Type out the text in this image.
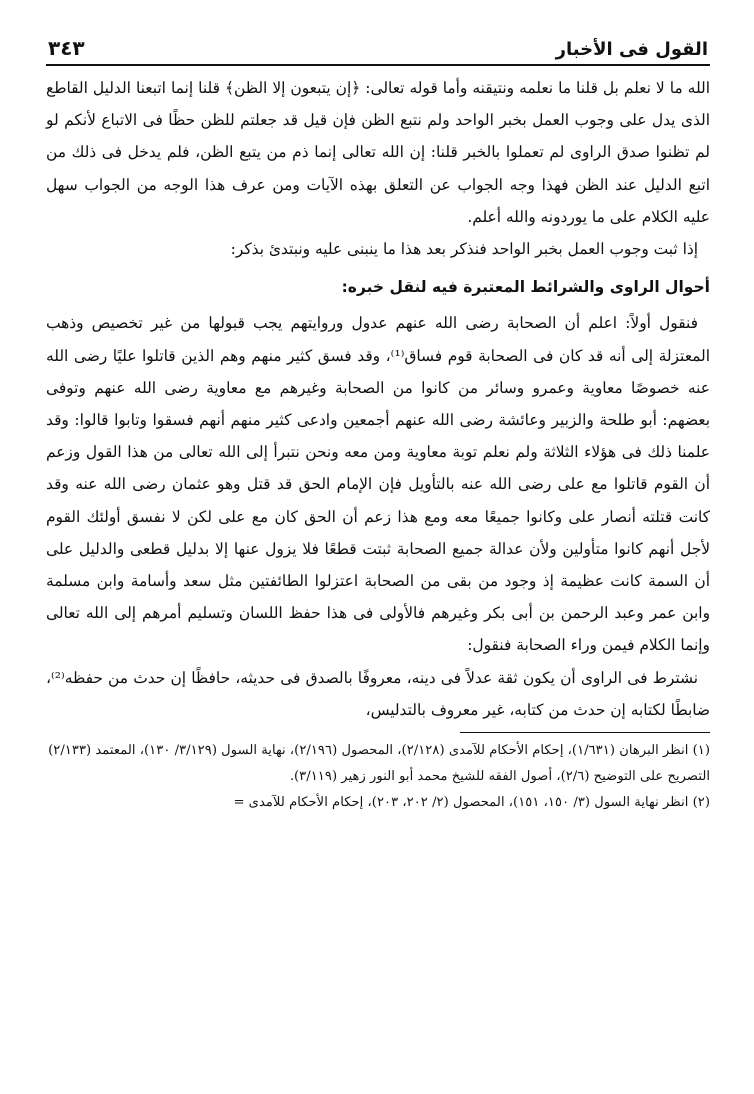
القول فى الأخبار
٣٤٣

الله ما لا نعلم بل قلنا ما نعلمه ونتيقنه وأما قوله تعالى: ﴿إن يتبعون إلا الظن﴾ قلنا إنما اتبعنا الدليل القاطع الذى يدل على وجوب العمل بخبر الواحد ولم نتبع الظن فإن قيل قد جعلتم للظن حظًا فى الاتباع لأنكم لو لم تظنوا صدق الراوى لم تعملوا بالخبر قلنا: إن الله تعالى إنما ذم من يتبع الظن، فلم يدخل فى ذلك من اتبع الدليل عند الظن فهذا وجه الجواب عن التعلق بهذه الآيات ومن عرف هذا الوجه من الجواب سهل عليه الكلام على ما يوردونه والله أعلم.

إذا ثبت وجوب العمل بخبر الواحد فنذكر بعد هذا ما ينبنى عليه ونبتدئ بذكر:

أحوال الراوى والشرائط المعتبرة فيه لنقل خبره:

فنقول أولاً: اعلم أن الصحابة رضى الله عنهم عدول وروايتهم يجب قبولها من غير تخصيص وذهب المعتزلة إلى أنه قد كان فى الصحابة قوم فساق⁽¹⁾، وقد فسق كثير منهم وهم الذين قاتلوا عليًا رضى الله عنه خصوصًا معاوية وعمرو وسائر من كانوا من الصحابة وغيرهم مع معاوية رضى الله عنهم وتوفى بعضهم: أبو طلحة والزبير وعائشة رضى الله عنهم أجمعين وادعى كثير منهم أنهم فسقوا وتابوا قالوا: وقد علمنا ذلك فى هؤلاء الثلاثة ولم نعلم توبة معاوية ومن معه ونحن نتبرأ إلى الله تعالى من هذا القول وزعم أن القوم قاتلوا مع على رضى الله عنه بالتأويل فإن الإمام الحق قد قتل وهو عثمان رضى الله عنه وقد كانت قتلته أنصار على وكانوا جميعًا معه ومع هذا زعم أن الحق كان مع على لكن لا نفسق أولئك القوم لأجل أنهم كانوا متأولين ولأن عدالة جميع الصحابة ثبتت قطعًا فلا يزول عنها إلا بدليل قطعى والدليل على أن السمة كانت عظيمة إذ وجود من بقى من الصحابة اعتزلوا الطائفتين مثل سعد وأسامة وابن مسلمة وابن عمر وعبد الرحمن بن أبى بكر وغيرهم فالأولى فى هذا حفظ اللسان وتسليم أمرهم إلى الله تعالى وإنما الكلام فيمن وراء الصحابة فنقول:

نشترط فى الراوى أن يكون ثقة عدلاً فى دينه، معروفًا بالصدق فى حديثه، حافظًا إن حدث من حفظه⁽²⁾، ضابطًا لكتابه إن حدث من كتابه، غير معروف بالتدليس،

(١) انظر البرهان (١/٦٣١)، إحكام الأحكام للآمدى (٢/١٢٨)، المحصول (٢/١٩٦)، نهاية السول (٣/١٢٩/ ١٣٠)، المعتمد (٢/١٣٣) التصريح على التوضيح (٢/٦)، أصول الفقه للشيخ محمد أبو النور زهير (٣/١١٩).

(٢) انظر نهاية السول (٣/ ١٥٠، ١٥١)، المحصول (٢/ ٢٠٢، ٢٠٣)، إحكام الأحكام للآمدى =
